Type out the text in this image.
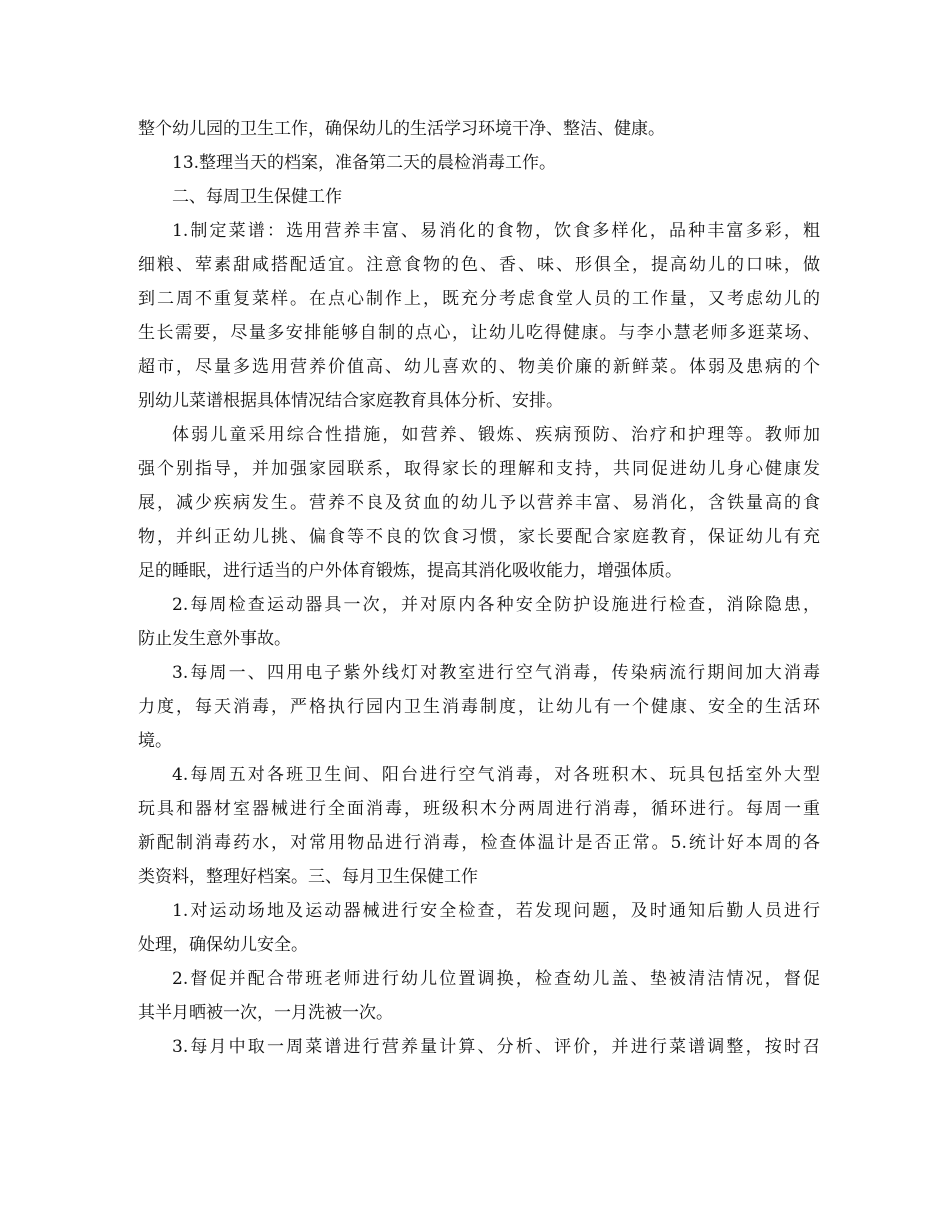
整个幼儿园的卫生工作，确保幼儿的生活学习环境干净、整洁、健康。
13.整理当天的档案，准备第二天的晨检消毒工作。
二、每周卫生保健工作
1.制定菜谱：选用营养丰富、易消化的食物，饮食多样化，品种丰富多彩，粗
细粮、荤素甜咸搭配适宜。注意食物的色、香、味、形俱全，提高幼儿的口味，做
到二周不重复菜样。在点心制作上，既充分考虑食堂人员的工作量，又考虑幼儿的
生长需要，尽量多安排能够自制的点心，让幼儿吃得健康。与李小慧老师多逛菜场、
超市，尽量多选用营养价值高、幼儿喜欢的、物美价廉的新鲜菜。体弱及患病的个
别幼儿菜谱根据具体情况结合家庭教育具体分析、安排。
体弱儿童采用综合性措施，如营养、锻炼、疾病预防、治疗和护理等。教师加
强个别指导，并加强家园联系，取得家长的理解和支持，共同促进幼儿身心健康发
展，减少疾病发生。营养不良及贫血的幼儿予以营养丰富、易消化，含铁量高的食
物，并纠正幼儿挑、偏食等不良的饮食习惯，家长要配合家庭教育，保证幼儿有充
足的睡眠，进行适当的户外体育锻炼，提高其消化吸收能力，增强体质。
2.每周检查运动器具一次，并对原内各种安全防护设施进行检查，消除隐患，
防止发生意外事故。
3.每周一、四用电子紫外线灯对教室进行空气消毒，传染病流行期间加大消毒
力度，每天消毒，严格执行园内卫生消毒制度，让幼儿有一个健康、安全的生活环
境。
4.每周五对各班卫生间、阳台进行空气消毒，对各班积木、玩具包括室外大型
玩具和器材室器械进行全面消毒，班级积木分两周进行消毒，循环进行。每周一重
新配制消毒药水，对常用物品进行消毒，检查体温计是否正常。5.统计好本周的各
类资料，整理好档案。三、每月卫生保健工作
1.对运动场地及运动器械进行安全检查，若发现问题，及时通知后勤人员进行
处理，确保幼儿安全。
2.督促并配合带班老师进行幼儿位置调换，检查幼儿盖、垫被清洁情况，督促
其半月晒被一次，一月洗被一次。
3.每月中取一周菜谱进行营养量计算、分析、评价，并进行菜谱调整，按时召
